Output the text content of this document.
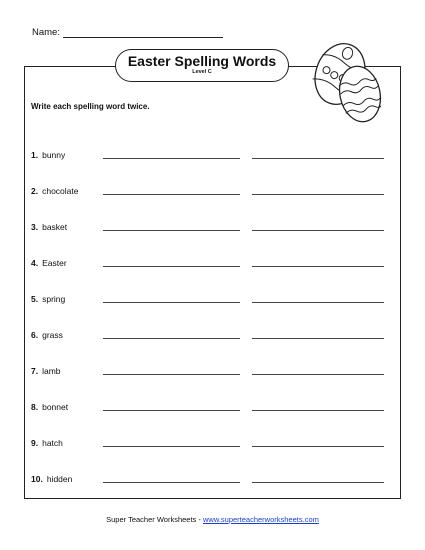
Name:
Easter Spelling Words
Level C
Write each spelling word twice.
1. bunny
2. chocolate
3. basket
4. Easter
5. spring
6. grass
7. lamb
8. bonnet
9. hatch
10. hidden
Super Teacher Worksheets - www.superteacherworksheets.com
